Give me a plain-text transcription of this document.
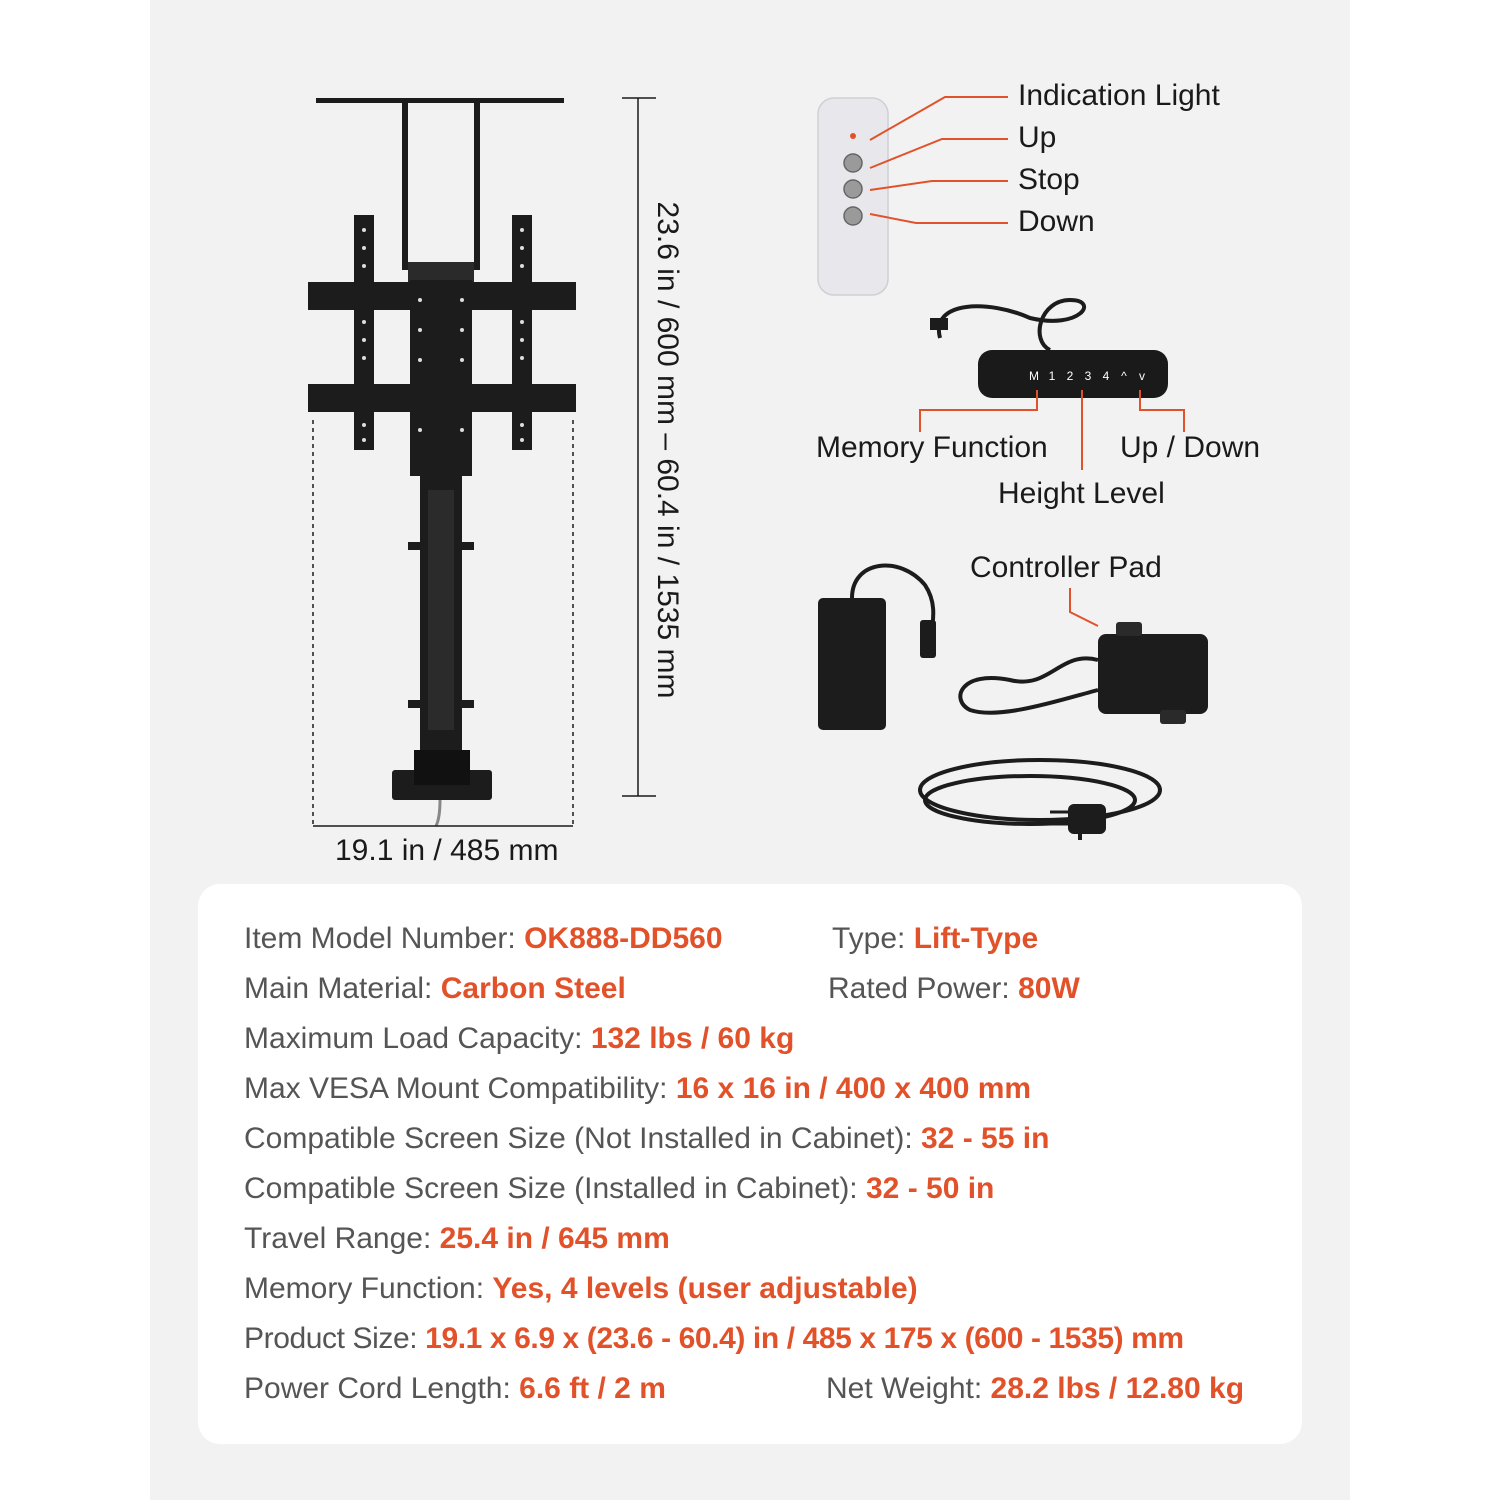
M 1 2 3 4 ^ v
23.6 in / 600 mm – 60.4 in / 1535 mm
19.1 in / 485 mm
Indication Light
Up
Stop
Down
Memory Function Up / Down
Height Level
Controller Pad
Item Model Number: OK888-DD560	Type: Lift-Type
Main Material: Carbon Steel	Rated Power: 80W
Maximum Load Capacity: 132 lbs / 60 kg
Max VESA Mount Compatibility: 16 x 16 in / 400 x 400 mm
Compatible Screen Size (Not Installed in Cabinet): 32 - 55 in
Compatible Screen Size (Installed in Cabinet): 32 - 50 in
Travel Range: 25.4 in / 645 mm
Memory Function: Yes, 4 levels (user adjustable)
Product Size: 19.1 x 6.9 x (23.6 - 60.4) in / 485 x 175 x (600 - 1535) mm
Power Cord Length: 6.6 ft / 2 m	Net Weight: 28.2 lbs / 12.80 kg
